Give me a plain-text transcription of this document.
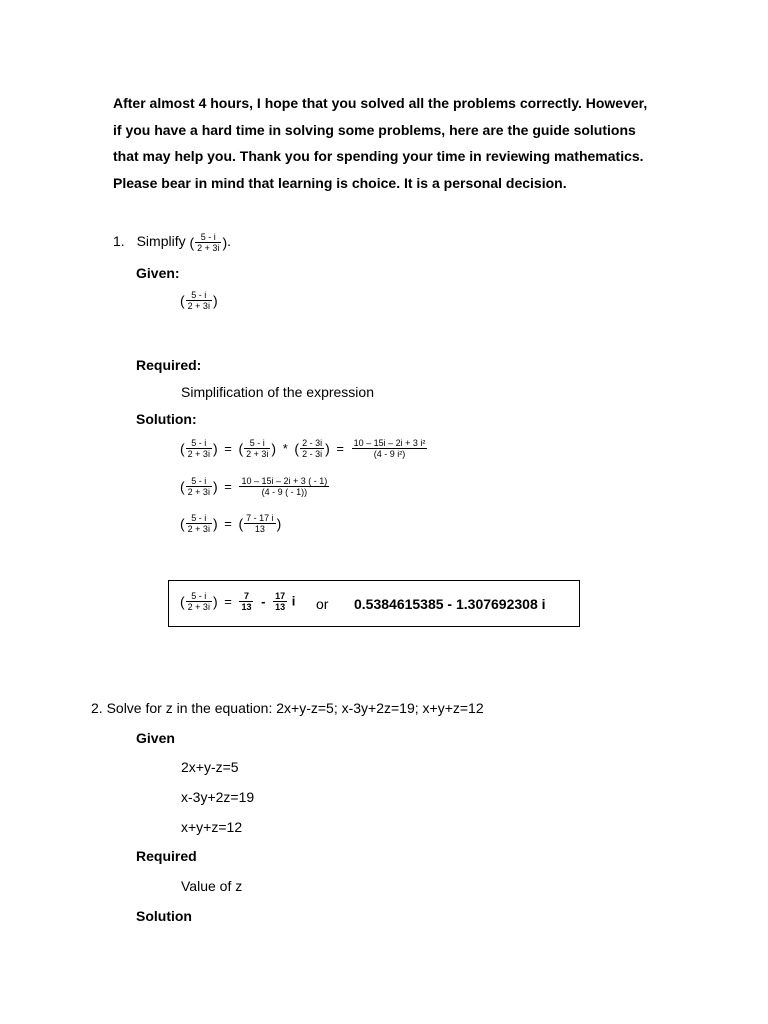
After almost 4 hours, I hope that you solved all the problems correctly. However,
if you have a hard time in solving some problems, here are the guide solutions
that may help you. Thank you for spending your time in reviewing mathematics.
Please bear in mind that learning is choice. It is a personal decision.
1. Simplify ( $\frac{5 - i}{2 + 3i}$ ).
Given:
( $\frac{5 - i}{2 + 3i}$ )
Required:
Simplification of the expression
Solution:
( $\frac{5 - i}{2 + 3i}$ ) = ( $\frac{5 - i}{2 + 3i}$ ) * ( $\frac{2 - 3i}{2 - 3i}$ ) = $\frac{\text{10 – 15i – 2i + 3 i²}}{\text{(4 - 9 i²)}}$
( $\frac{5 - i}{2 + 3i}$ ) = $\frac{10 - 15i - 2i + 3 ( - 1)}{(4 - 9 ( - 1))}$
( $\frac{5 - i}{2 + 3i}$ ) = ( $\frac{7 - 17 i}{13}$ )
( $\frac{5 - i}{2 + 3i}$ ) = $\frac{7}{13} - \frac{17}{13}$ i or 0.5384615385 - 1.307692308 i
2. Solve for z in the equation: 2x+y-z=5; x-3y+2z=19; x+y+z=12
Given
2x+y-z=5
x-3y+2z=19
x+y+z=12
Required
Value of z
Solution
